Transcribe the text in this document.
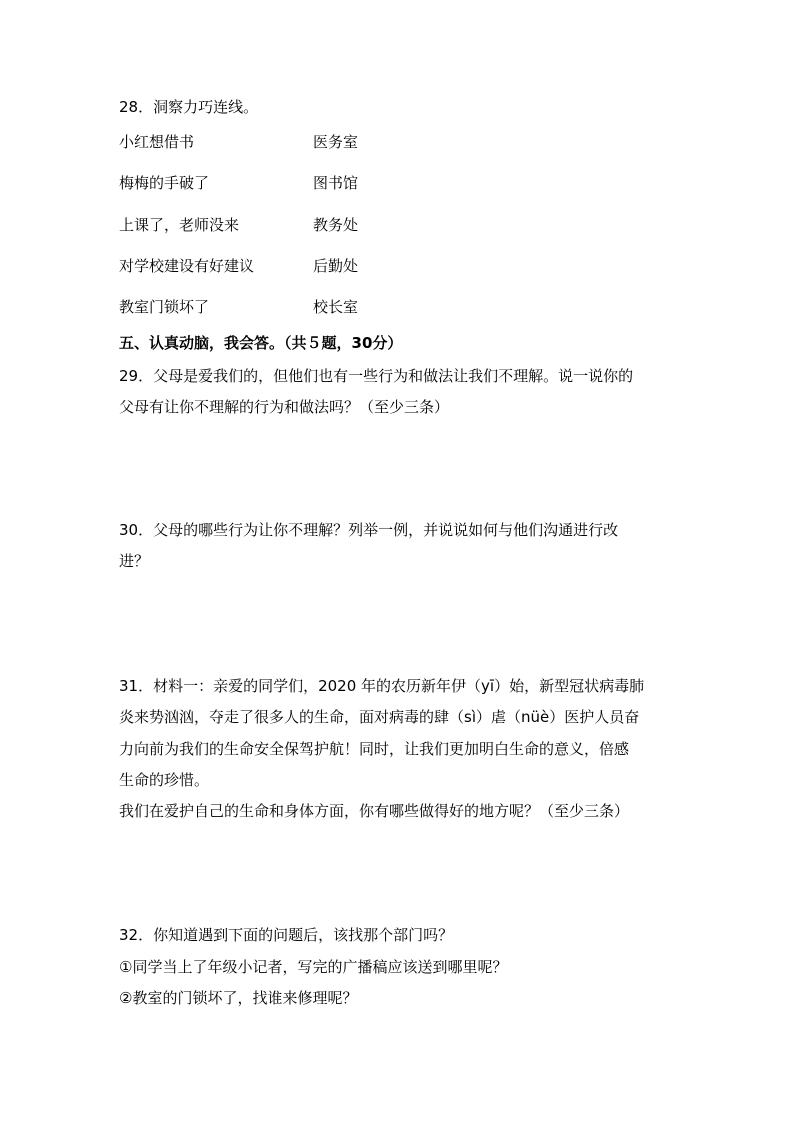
28．洞察力巧连线。
小红想借书	医务室
梅梅的手破了	图书馆
上课了，老师没来	教务处
对学校建设有好建议	后勤处
教室门锁坏了	校长室
五、认真动脑，我会答。（共５题，30分）
29．父母是爱我们的，但他们也有一些行为和做法让我们不理解。说一说你的
父母有让你不理解的行为和做法吗？（至少三条）
30．父母的哪些行为让你不理解？列举一例，并说说如何与他们沟通进行改
进？
31．材料一：亲爱的同学们，2020 年的农历新年伊（yī）始，新型冠状病毒肺
炎来势汹汹，夺走了很多人的生命，面对病毒的肆（sì）虐（nüè）医护人员奋
力向前为我们的生命安全保驾护航！同时，让我们更加明白生命的意义，倍感
生命的珍惜。
我们在爱护自己的生命和身体方面，你有哪些做得好的地方呢？（至少三条）
32．你知道遇到下面的问题后，该找那个部门吗？
①同学当上了年级小记者，写完的广播稿应该送到哪里呢？
②教室的门锁坏了，找谁来修理呢？
